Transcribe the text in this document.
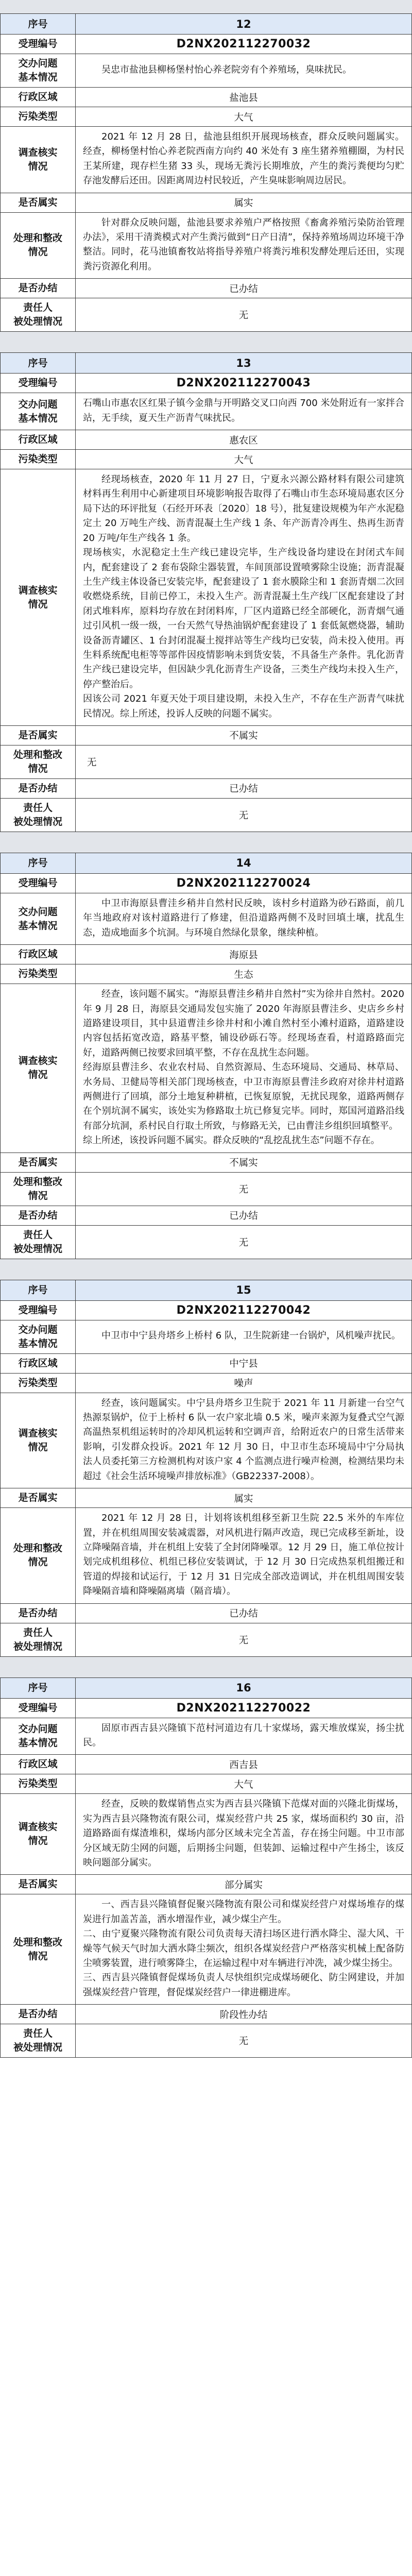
序号	12
受理编号	D2NX202112270032
交办问题
基本情况	吴忠市盐池县柳杨堡村怡心养老院旁有个养殖场，臭味扰民。
行政区域	盐池县
污染类型	大气
调查核实
情况	2021 年 12 月 28 日，盐池县组织开展现场核查，群众反映问题属实。经查，柳杨堡村怡心养老院西南方向约 40 米处有 3 座生猪养殖棚圈，为村民王某所建，现存栏生猪 33 头，现场无粪污长期堆放，产生的粪污粪便均匀贮存池发酵后还田。因距离周边村民较近，产生臭味影响周边居民。
是否属实	属实
处理和整改
情况	针对群众反映问题，盐池县要求养殖户严格按照《畜禽养殖污染防治管理办法》，采用干清粪模式对产生粪污做到“日产日清”，保持养殖场周边环境干净整洁。同时，花马池镇畜牧站将指导养殖户将粪污堆积发酵处理后还田，实现粪污资源化利用。
是否办结	已办结
责任人
被处理情况	无
序号	13
受理编号	D2NX202112270043
交办问题
基本情况	石嘴山市惠农区红果子镇今金鼎与开明路交叉口向西 700 米处附近有一家拌合站，无手续，夏天生产沥青气味扰民。
行政区域	惠农区
污染类型	大气
调查核实
情况	经现场核查，2020 年 11 月 27 日，宁夏永兴源公路材料有限公司建筑材料再生利用中心新建项目环境影响报告取得了石嘴山市生态环境局惠农区分局下达的环评批复（石经开环表〔2020〕18 号），批复建设规模为年产水泥稳定土 20 万吨生产线、沥青混凝土生产线 1 条、年产沥青冷再生、热再生沥青 20 万吨/年生产线各 1 条。
现场核实，水泥稳定土生产线已建设完毕，生产线设备均建设在封闭式车间内，配套建设了 2 套布袋除尘器装置，车间顶部设置喷雾除尘设施；沥青混凝土生产线主体设备已安装完毕，配套建设了 1 套水膜除尘和 1 套沥青烟二次回收燃烧系统，目前已停工，未投入生产。沥青混凝土生产线厂区配套建设了封闭式堆料库，原料均存放在封闭料库，厂区内道路已经全部硬化，沥青烟气通过引风机一级一级，一台天然气导热油锅炉配套建设了 1 套低氮燃烧器，辅助设备沥青罐区、1 台封闭混凝土搅拌站等生产线均已安装，尚未投入使用。再生料系统配电柜等等部件因疫情影响未到货安装，不具备生产条件。乳化沥青生产线已建设完毕，但因缺少乳化沥青生产设备，三类生产线均未投入生产，停产整治后。
因该公司 2021 年夏天处于项目建设期，未投入生产，不存在生产沥青气味扰民情况。综上所述，投诉人反映的问题不属实。
是否属实	不属实
处理和整改
情况	无
是否办结	已办结
责任人
被处理情况	无
序号	14
受理编号	D2NX202112270024
交办问题
基本情况	中卫市海原县曹洼乡稍井自然村民反映，该村乡村道路为砂石路面，前几年当地政府对该村道路进行了修建，但沿道路两侧不及时回填土壤，扰乱生态，造成地面多个坑洞。与环境自然绿化景象，继续种植。
行政区域	海原县
污染类型	生态
调查核实
情况	经查，该问题不属实。“海原县曹洼乡稍井自然村”实为徐井自然村。2020 年 9 月 28 日，海原县交通局发包实施了 2020 年海原县曹洼乡、史店乡乡村道路建设项目，其中县道曹洼乡徐井村和小滩自然村至小滩村道路，道路建设内容包括拓宽改造，路基平整，铺设砂砾石等。经现场查看，村道路路面完好，道路两侧已按要求回填平整，不存在乱扰生态问题。
经海原县曹洼乡、农业农村局、自然资源局、生态环境局、交通局、林草局、水务局、卫健局等相关部门现场核查，中卫市海原县曹洼乡政府对徐井村道路两侧进行了回填，部分土地复种耕植，已恢复原貌，无扰民现象，道路两侧存在个别坑洞不属实，该处实为修路取土坑已修复完毕。同时，郑国河道路沿线有部分坑洞，系村民自行取土所致，与修路无关，已由曹洼乡组织回填整平。
综上所述，该投诉问题不属实。群众反映的“乱挖乱扰生态”问题不存在。
是否属实	不属实
处理和整改
情况	无
是否办结	已办结
责任人
被处理情况	无
序号	15
受理编号	D2NX202112270042
交办问题
基本情况	中卫市中宁县舟塔乡上桥村 6 队，卫生院新建一台锅炉，风机噪声扰民。
行政区域	中宁县
污染类型	噪声
调查核实
情况	经查，该问题属实。中宁县舟塔乡卫生院于 2021 年 11 月新建一台空气热源泵锅炉，位于上桥村 6 队一农户家北墙 0.5 米，噪声来源为复叠式空气源高温热泵机组运转时的冷却风机运转和空调声音，给附近农户的日常生活带来影响，引发群众投诉。2021 年 12 月 30 日，中卫市生态环境局中宁分局执法人员委托第三方检测机构对该户家 4 个监测点进行噪声检测，检测结果均未超过《社会生活环境噪声排放标准》（GB22337-2008）。
是否属实	属实
处理和整改
情况	2021 年 12 月 28 日，计划将该机组移至新卫生院 22.5 米外的车库位置，并在机组周围安装减震器，对风机进行隔声改造，现已完成移至新址，设立降噪隔音墙，并在机组上安装了全封闭降噪罩。12 月 29 日，施工单位按计划完成机组移位、机组已移位安装调试，于 12 月 30 日完成热泵机组搬迁和管道的焊接和试运行，于 12 月 31 日完成全部改造调试，并在机组周围安装降噪隔音墙和降噪隔离墙（隔音墙）。
是否办结	已办结
责任人
被处理情况	无
序号	16
受理编号	D2NX202112270022
交办问题
基本情况	固原市西吉县兴隆镇下范村河道边有几十家煤场，露天堆放煤炭，扬尘扰民。
行政区域	西吉县
污染类型	大气
调查核实
情况	经查，反映的数煤销售点实为西吉县兴隆镇下范煤对面的兴隆北街煤场，实为西吉县兴隆物流有限公司，煤炭经营户共 25 家，煤场面积约 30 亩，沿道路路面有煤渣堆积，煤场内部分区域未完全苫盖，存在扬尘问题。中卫市部分区域无防尘网的问题，后期扬尘问题，但装卸、运输过程中产生扬尘，该反映问题部分属实。
是否属实	部分属实
处理和整改
情况	一、西吉县兴隆镇督促聚兴隆物流有限公司和煤炭经营户对煤场堆存的煤炭进行加盖苫盖，洒水增湿作业，减少煤尘产生。
二、由宁夏聚兴隆物流有限公司负责每天清扫场区进行洒水降尘、湿大风、干燥等气候天气时加大洒水降尘频次，组织各煤炭经营户严格落实机械上配备防尘喷雾装置，进行喷雾降尘，在运输过程中对车辆进行冲洗，减少煤尘扬尘。
三、西吉县兴隆镇督促煤场负责人尽快组织完成煤场硬化、防尘网建设，并加强煤炭经营户管理，督促煤炭经营户一律进棚进库。
是否办结	阶段性办结
责任人
被处理情况	无
